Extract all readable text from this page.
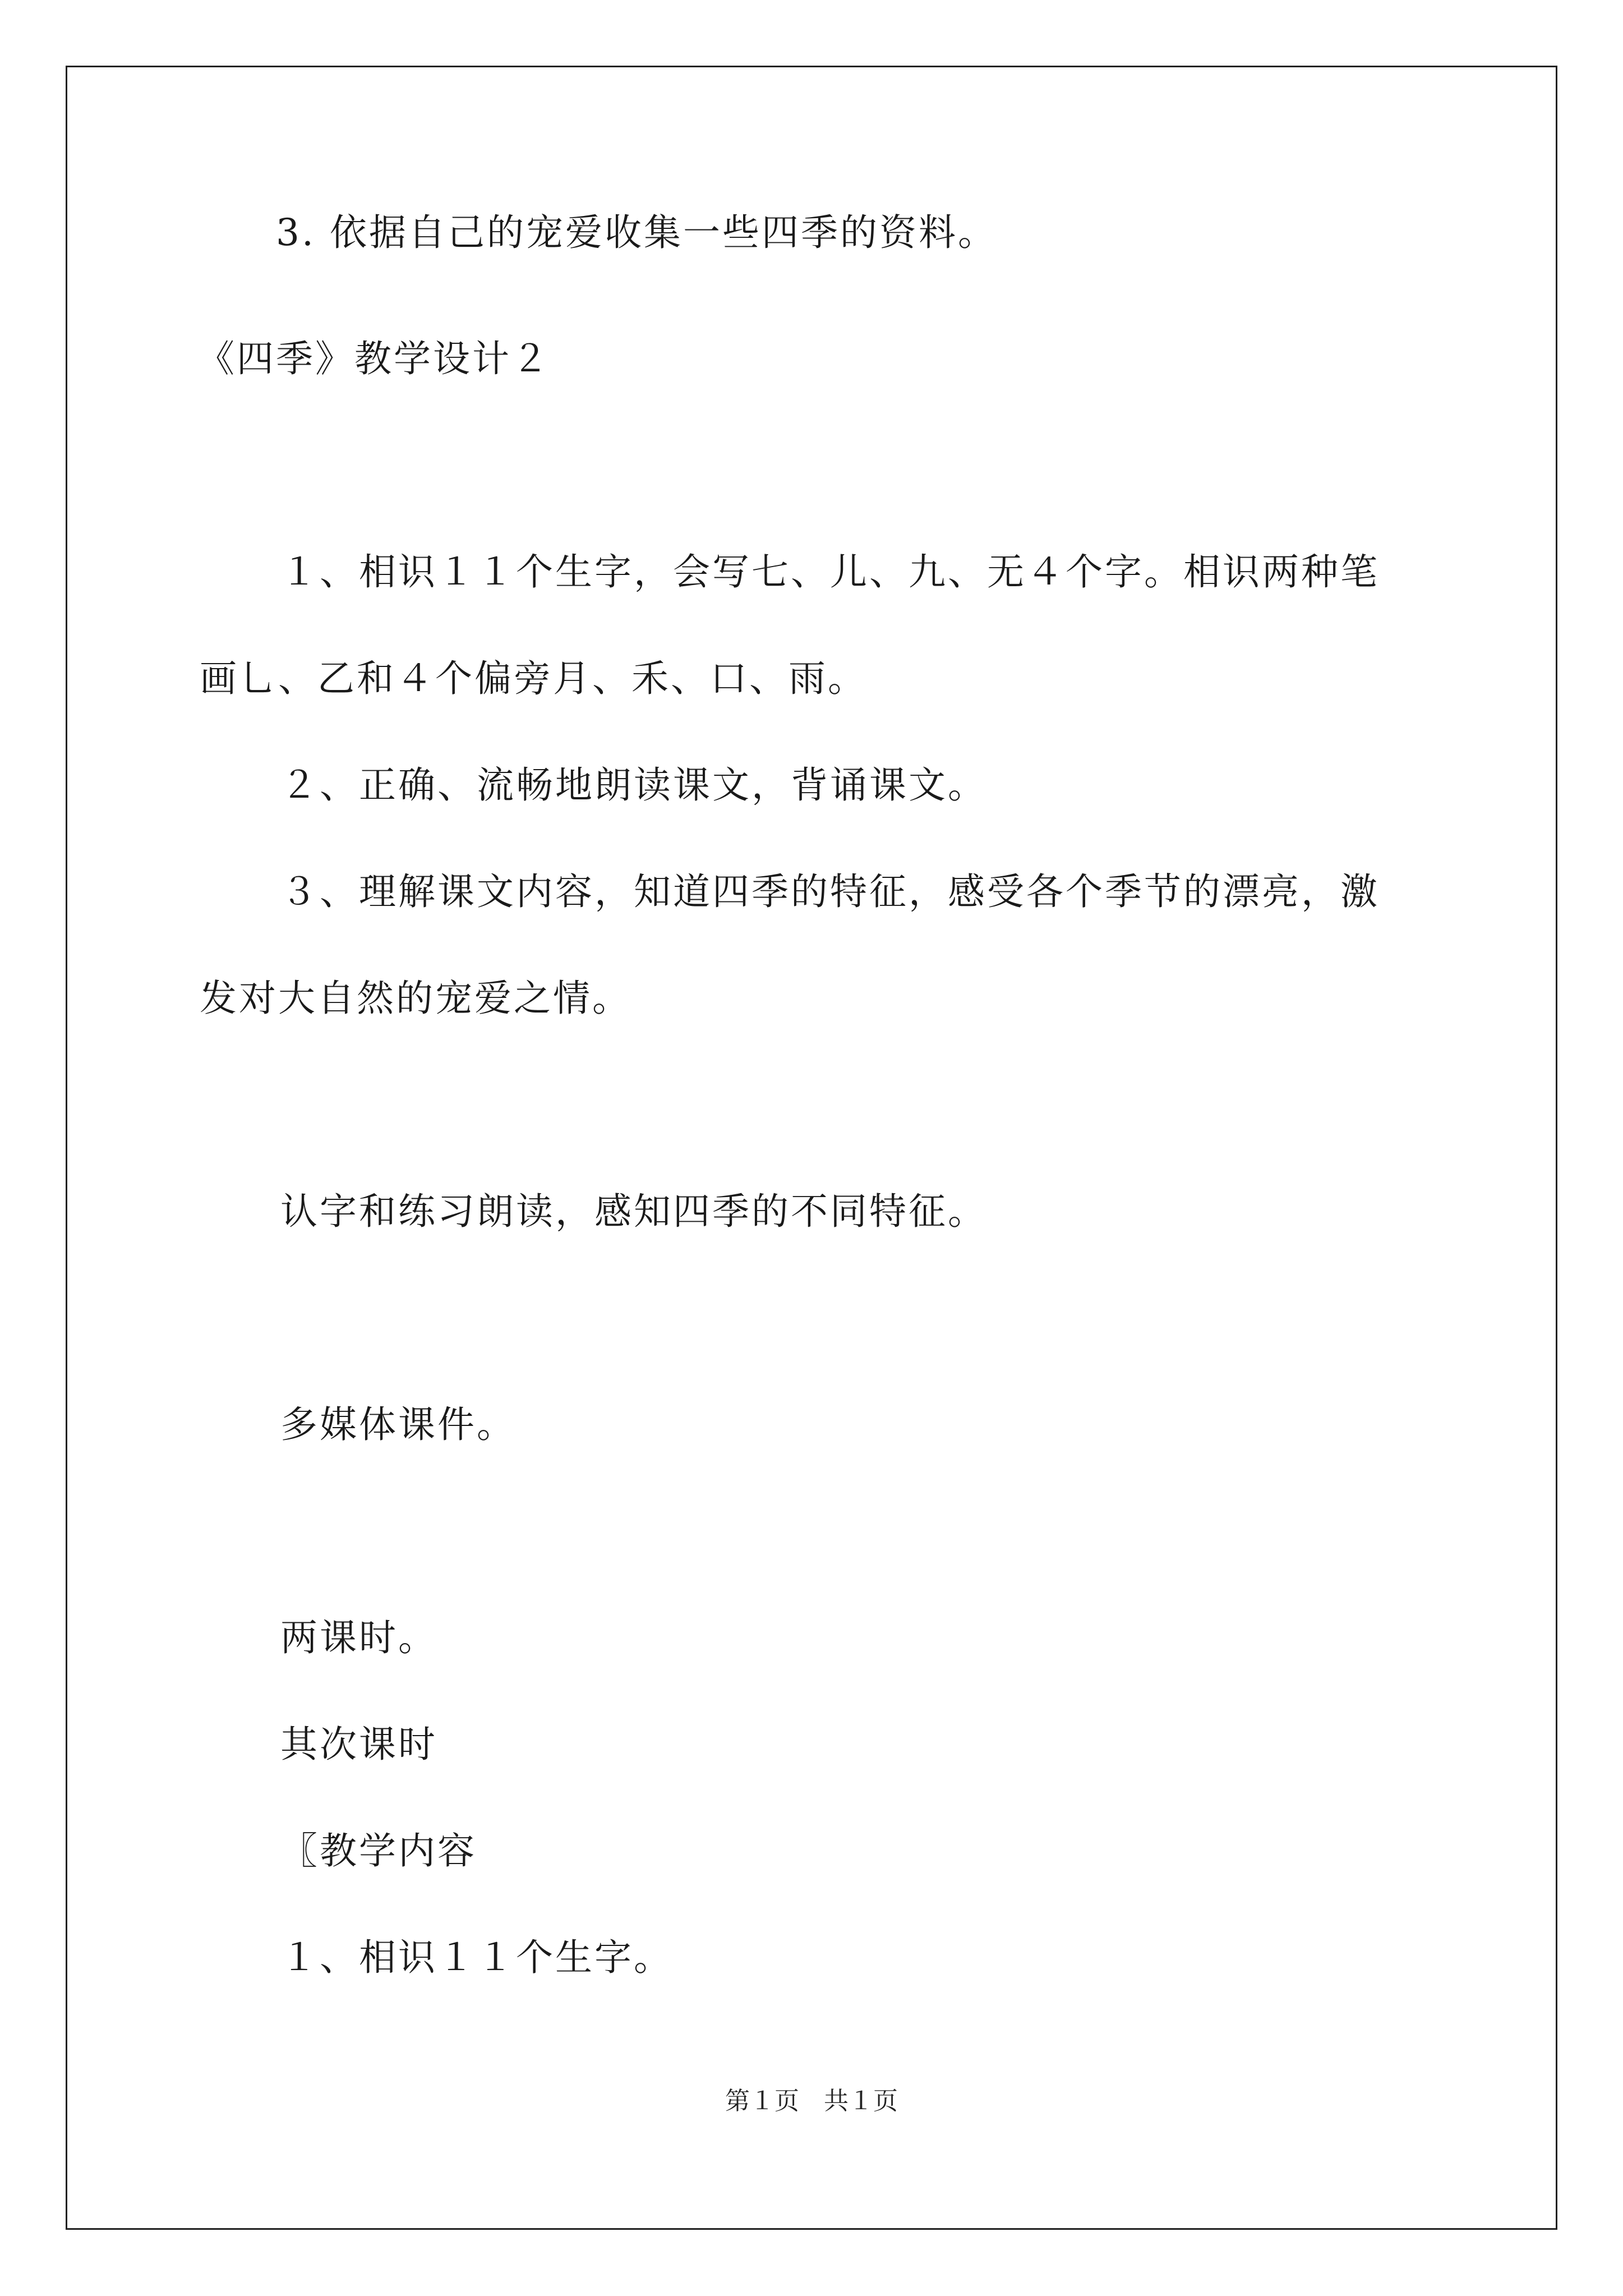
3. 依据自己的宠爱收集一些四季的资料。
《四季》教学设计２
１、相识１１个生字，会写七、儿、九、无４个字。相识两种笔
画乚、乙和４个偏旁月、禾、口、雨。
２、正确、流畅地朗读课文，背诵课文。
３、理解课文内容，知道四季的特征，感受各个季节的漂亮，激
发对大自然的宠爱之情。
认字和练习朗读，感知四季的不同特征。
多媒体课件。
两课时。
其次课时
〖教学内容
１、相识１１个生字。
第１页　共１页
